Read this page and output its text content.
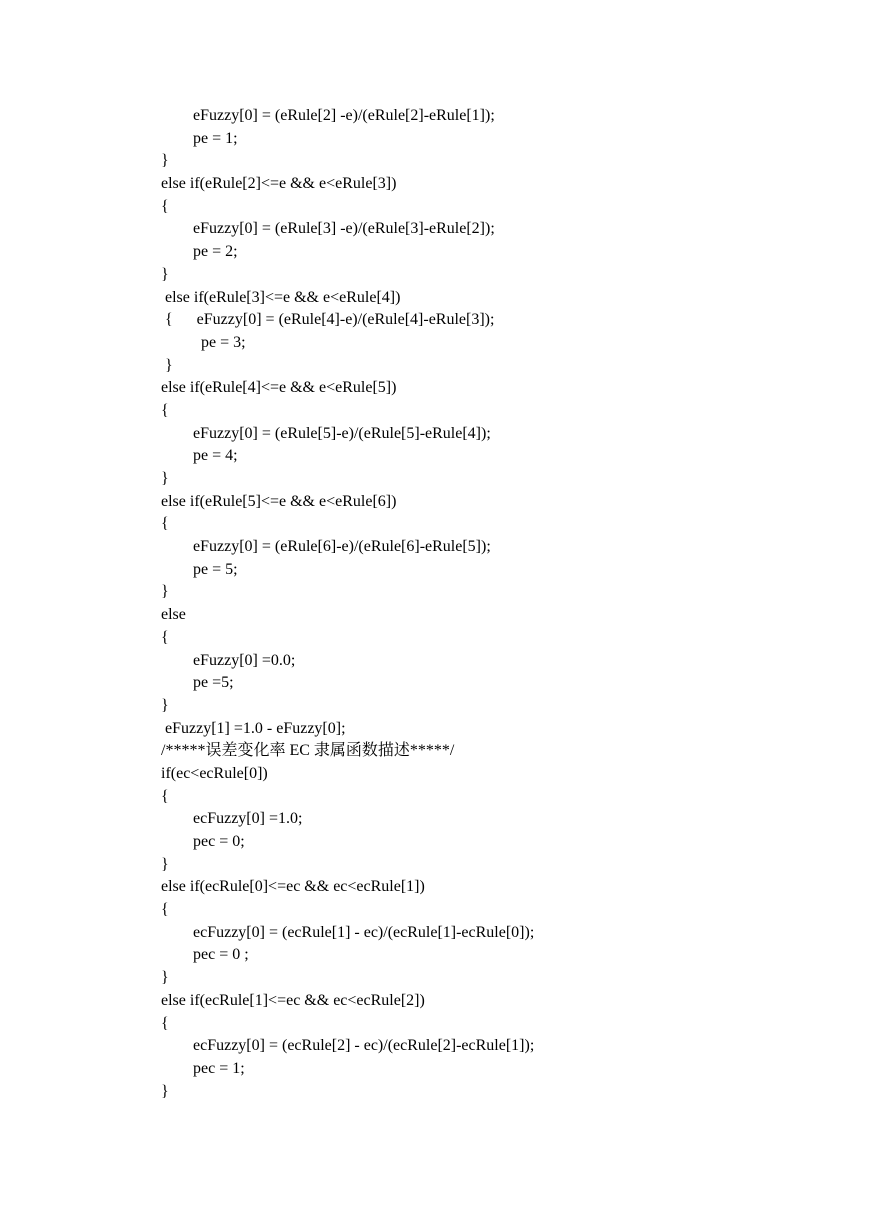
eFuzzy[0] = (eRule[2] -e)/(eRule[2]-eRule[1]);
pe = 1;
}
else if(eRule[2]<=e && e<eRule[3])
{
eFuzzy[0] = (eRule[3] -e)/(eRule[3]-eRule[2]);
pe = 2;
}
else if(eRule[3]<=e && e<eRule[4])
{      eFuzzy[0] = (eRule[4]-e)/(eRule[4]-eRule[3]);
pe = 3;
}
else if(eRule[4]<=e && e<eRule[5])
{
eFuzzy[0] = (eRule[5]-e)/(eRule[5]-eRule[4]);
pe = 4;
}
else if(eRule[5]<=e && e<eRule[6])
{
eFuzzy[0] = (eRule[6]-e)/(eRule[6]-eRule[5]);
pe = 5;
}
else
{
eFuzzy[0] =0.0;
pe =5;
}
eFuzzy[1] =1.0 - eFuzzy[0];
/*****误差变化率 EC 隶属函数描述*****/
if(ec<ecRule[0])
{
ecFuzzy[0] =1.0;
pec = 0;
}
else if(ecRule[0]<=ec && ec<ecRule[1])
{
ecFuzzy[0] = (ecRule[1] - ec)/(ecRule[1]-ecRule[0]);
pec = 0 ;
}
else if(ecRule[1]<=ec && ec<ecRule[2])
{
ecFuzzy[0] = (ecRule[2] - ec)/(ecRule[2]-ecRule[1]);
pec = 1;
}
